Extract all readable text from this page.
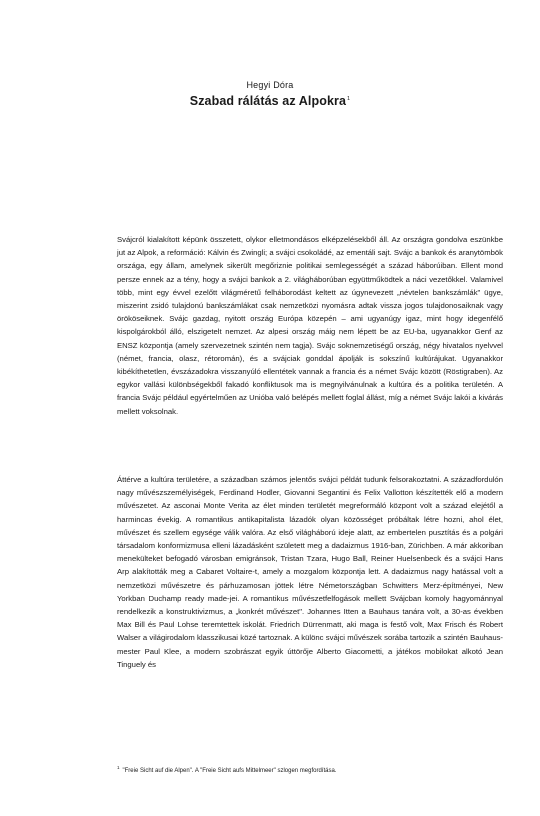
Hegyi Dóra
Szabad rálátás az Alpokra$^1$

Svájcról kialakított képünk összetett, olykor elletmondásos elképzelésekből áll. Az országra gondolva eszünkbe jut az Alpok, a reformáció: Kálvin és Zwingli; a svájci csokoládé, az ementáli sajt. Svájc a bankok és aranytömbök országa, egy állam, amelynek sikerült megőriznie politikai semlegességét a század háborúiban. Ellent mond persze ennek az a tény, hogy a svájci bankok a 2. világháborúban együttműködtek a náci vezetőkkel. Valamivel több, mint egy évvel ezelőtt világméretű felháborodást keltett az úgynevezett „névtelen bankszámlák" ügye, miszerint zsidó tulajdonú bankszámlákat csak nemzetközi nyomásra adtak vissza jogos tulajdonosaiknak vagy örököseiknek. Svájc gazdag, nyitott ország Európa közepén – ami ugyanúgy igaz, mint hogy idegenfélő kispolgárokból álló, elszigetelt nemzet. Az alpesi ország máig nem lépett be az EU-ba, ugyanakkor Genf az ENSZ központja (amely szervezetnek szintén nem tagja). Svájc soknemzetiségű ország, négy hivatalos nyelvvel (német, francia, olasz, rétoromán), és a svájciak gonddal ápolják is sokszínű kultúrájukat. Ugyanakkor kibékíthetetlen, évszázadokra visszanyúló ellentétek vannak a francia és a német Svájc között (Röstigraben). Az egykor vallási különbségekből fakadó konfliktusok ma is megnyilvánulnak a kultúra és a politika területén. A francia Svájc például egyértelműen az Unióba való belépés mellett foglal állást, míg a német Svájc lakói a kivárás mellett voksolnak.

Áttérve a kultúra területére, a században számos jelentős svájci példát tudunk felsorakoztatni. A századfordulón nagy művészszemélyiségek, Ferdinand Hodler, Giovanni Segantini és Felix Vallotton készítették elő a modern művészetet. Az asconai Monte Verita az élet minden területét megreformáló központ volt a század elejétől a harmincas évekig. A romantikus antikapitalista lázadók olyan közösséget próbáltak létre hozni, ahol élet, művészet és szellem egysége válik valóra. Az első világháború ideje alatt, az embertelen pusztítás és a polgári társadalom konformizmusa elleni lázadásként született meg a dadaizmus 1916-ban, Zürichben. A már akkoriban menekülteket befogadó városban emigránsok, Tristan Tzara, Hugo Ball, Reiner Huelsenbeck és a svájci Hans Arp alakították meg a Cabaret Voltaire-t, amely a mozgalom központja lett. A dadaizmus nagy hatással volt a nemzetközi művészetre és párhuzamosan jöttek létre Németországban Schwitters Merz-építményei, New Yorkban Duchamp ready made-jei. A romantikus művészetfelfogások mellett Svájcban komoly hagyománnyal rendelkezik a konstruktivizmus, a „konkrét művészet". Johannes Itten a Bauhaus tanára volt, a 30-as években Max Bill és Paul Lohse teremtettek iskolát. Friedrich Dürrenmatt, aki maga is festő volt, Max Frisch és Robert Walser a világirodalom klasszikusai közé tartoznak. A különc svájci művészek sorába tartozik a szintén Bauhaus-mester Paul Klee, a modern szobrászat egyik úttörője Alberto Giacometti, a játékos mobilokat alkotó Jean Tinguely és

$^1$"Freie Sicht auf die Alpen". A "Freie Sicht aufs Mittelmeer" szlogen megfordítása.
